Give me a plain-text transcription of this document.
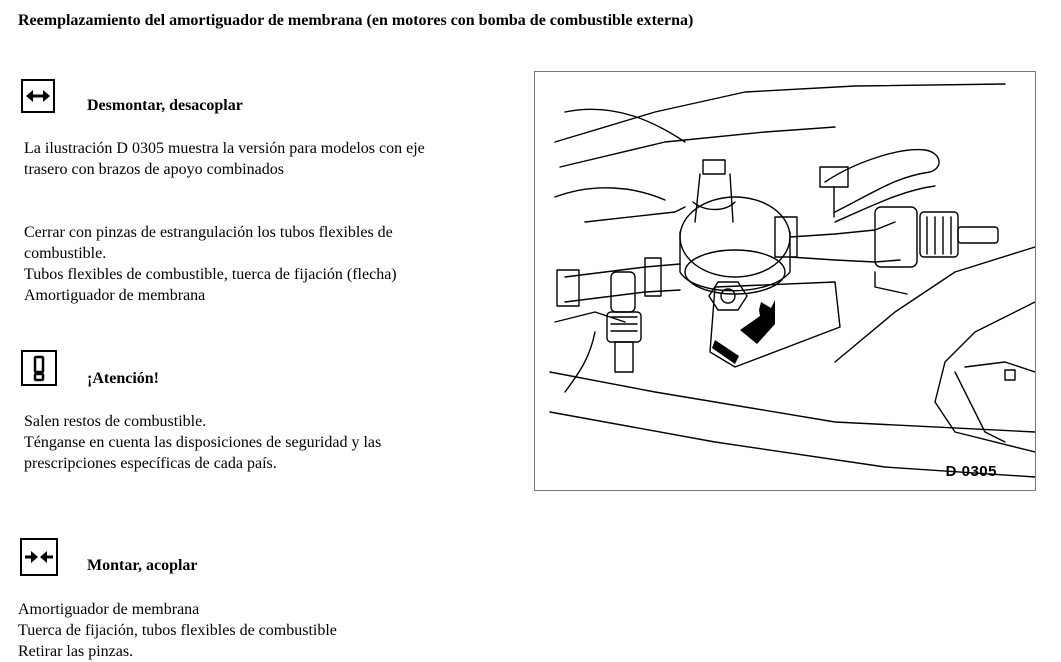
Reemplazamiento del amortiguador de membrana (en motores con bomba de combustible externa)
Desmontar, desacoplar
La ilustración D 0305 muestra la versión para modelos con eje
trasero con brazos de apoyo combinados
Cerrar con pinzas de estrangulación los tubos flexibles de
combustible.
Tubos flexibles de combustible, tuerca de fijación (flecha)
Amortiguador de membrana
¡Atención!
Salen restos de combustible.
Ténganse en cuenta las disposiciones de seguridad y las
prescripciones específicas de cada país.
Montar, acoplar
Amortiguador de membrana
Tuerca de fijación, tubos flexibles de combustible
Retirar las pinzas.
D 0305
